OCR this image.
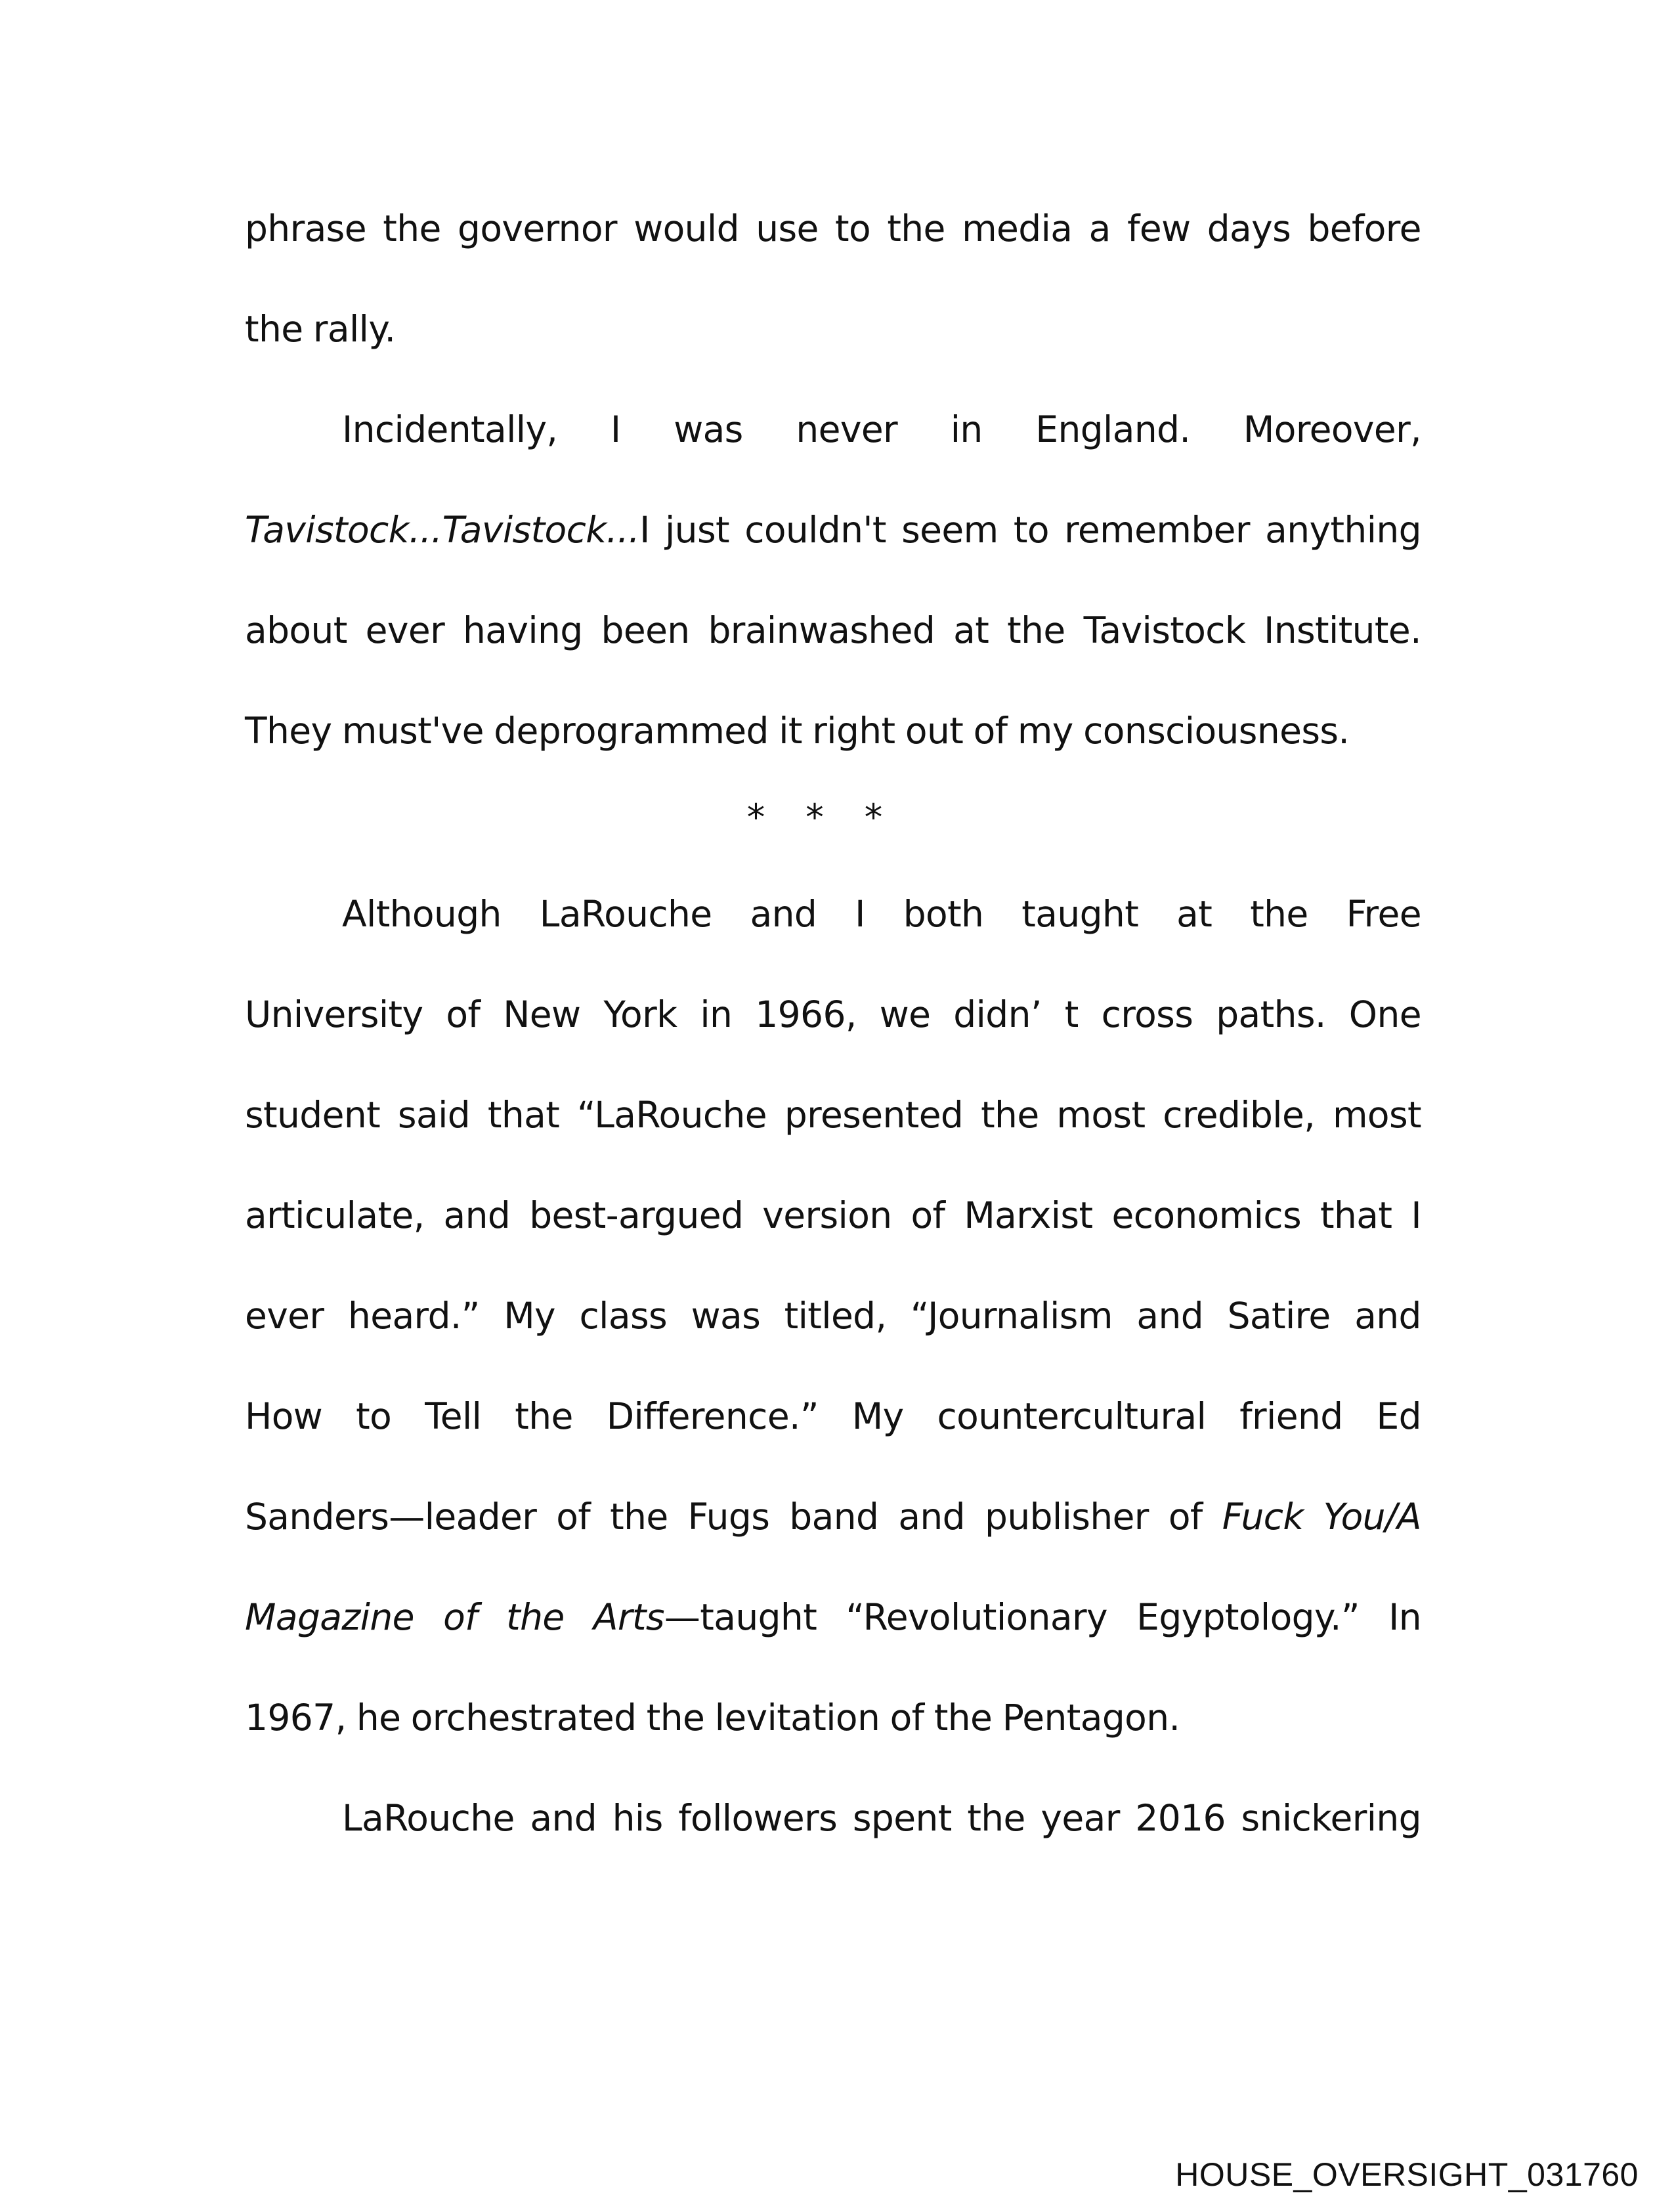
phrase the governor would use to the media a few days before
the rally.
Incidentally, I was never in England. Moreover,
Tavistock...Tavistock...I just couldn't seem to remember anything
about ever having been brainwashed at the Tavistock Institute.
They must've deprogrammed it right out of my consciousness.
* * *
Although LaRouche and I both taught at the Free
University of New York in 1966, we didn’ t cross paths. One
student said that “LaRouche presented the most credible, most
articulate, and best-argued version of Marxist economics that I
ever heard.” My class was titled, “Journalism and Satire and
How to Tell the Difference.” My countercultural friend Ed
Sanders—leader of the Fugs band and publisher of Fuck You/A
Magazine of the Arts—taught “Revolutionary Egyptology.” In
1967, he orchestrated the levitation of the Pentagon.
LaRouche and his followers spent the year 2016 snickering
HOUSE_OVERSIGHT_031760
